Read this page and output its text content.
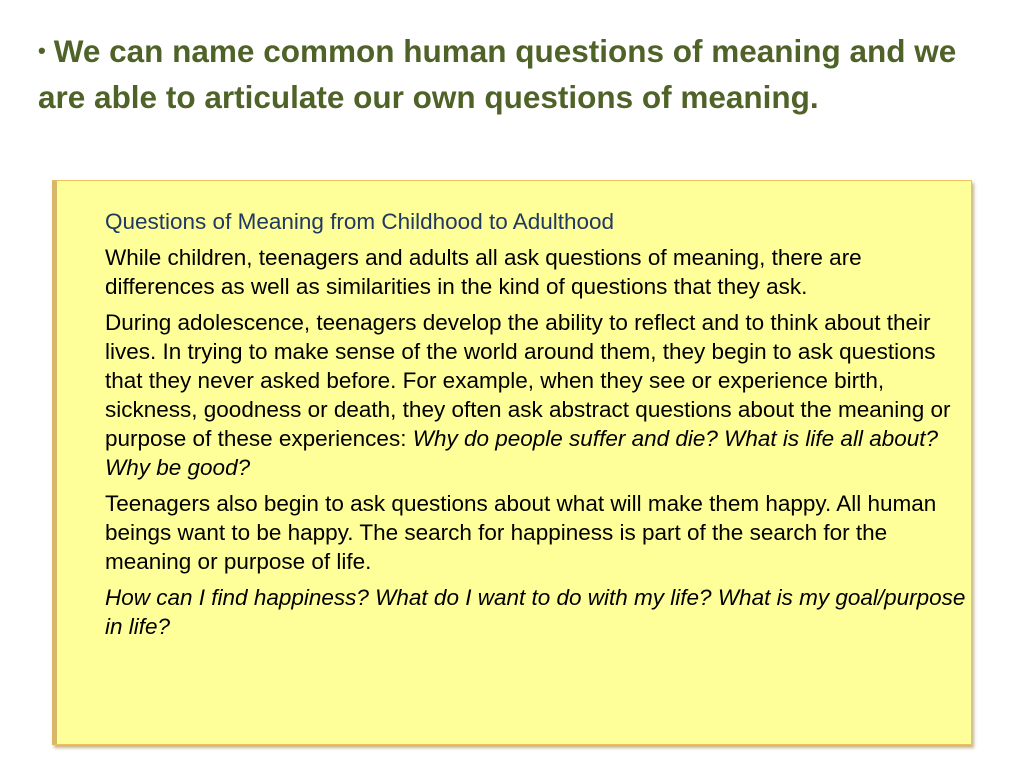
• We can name common human questions of meaning and we are able to articulate our own questions of meaning.
Questions of Meaning from Childhood to Adulthood

While children, teenagers and adults all ask questions of meaning, there are differences as well as similarities in the kind of questions that they ask.

During adolescence, teenagers develop the ability to reflect and to think about their lives. In trying to make sense of the world around them, they begin to ask questions that they never asked before. For example, when they see or experience birth, sickness, goodness or death, they often ask abstract questions about the meaning or purpose of these experiences: Why do people suffer and die? What is life all about? Why be good?

Teenagers also begin to ask questions about what will make them happy. All human beings want to be happy. The search for happiness is part of the search for the meaning or purpose of life.

How can I find happiness? What do I want to do with my life? What is my goal/purpose in life?
